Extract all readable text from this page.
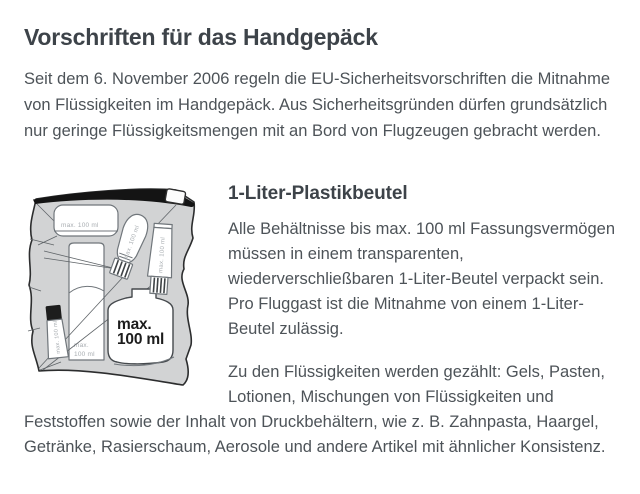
Vorschriften für das Handgepäck

Seit dem 6. November 2006 regeln die EU-Sicherheitsvorschriften die Mitnahme von Flüssigkeiten im Handgepäck. Aus Sicherheitsgründen dürfen grundsätzlich nur geringe Flüssigkeitsmengen mit an Bord von Flugzeugen gebracht werden.

max. 100 ml
max.
100 ml
max. 100 ml
max.
100 ml
max. 100 ml
max. 100 ml
1-Liter-Plastikbeutel

Alle Behältnisse bis max. 100 ml Fassungsvermögen müssen in einem transparenten, wiederverschließbaren 1-Liter-Beutel verpackt sein. Pro Fluggast ist die Mitnahme von einem 1-Liter-Beutel zulässig.

Zu den Flüssigkeiten werden gezählt: Gels, Pasten, Lotionen, Mischungen von Flüssigkeiten und Feststoffen sowie der Inhalt von Druckbehältern, wie z. B. Zahnpasta, Haargel, Getränke, Rasierschaum, Aerosole und andere Artikel mit ähnlicher Konsistenz.
